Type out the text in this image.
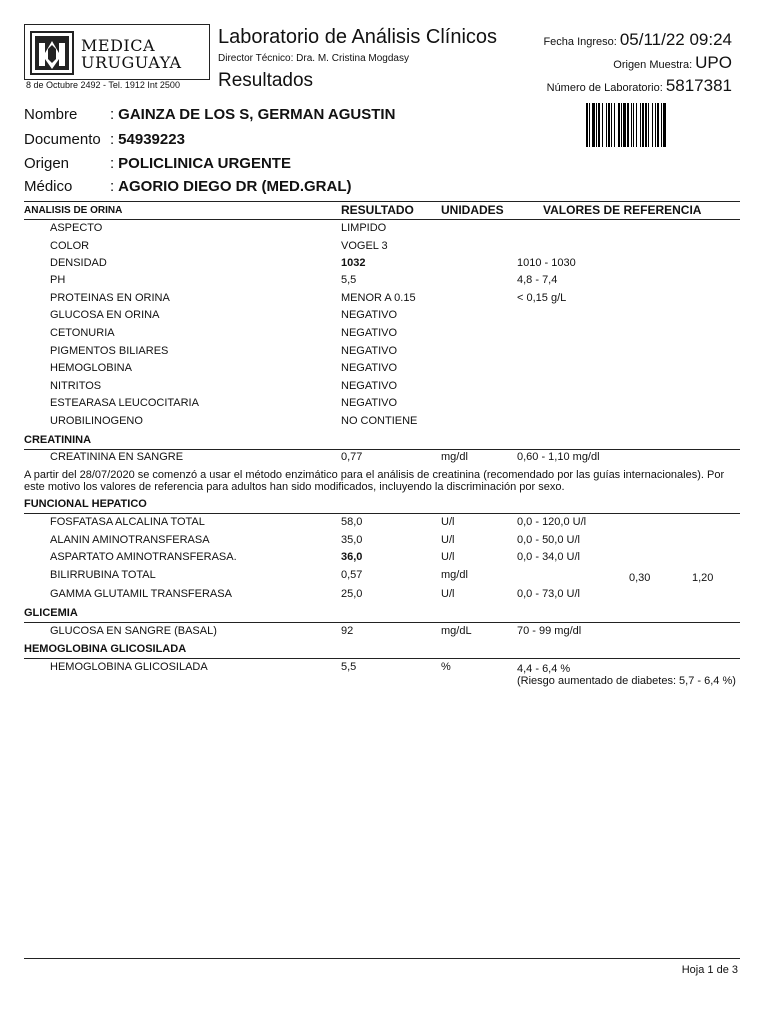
MEDICA
URUGUAYA
8 de Octubre 2492 - Tel. 1912 Int 2500
Laboratorio de Análisis Clínicos
Director Técnico: Dra. M. Cristina Mogdasy
Resultados
Fecha Ingreso: 05/11/22 09:24
Origen Muestra: UPO
Número de Laboratorio: 5817381
Nombre : GAINZA DE LOS S, GERMAN AGUSTIN
Documento : 54939223
Origen	: POLICLINICA URGENTE
Médico	: AGORIO DIEGO DR (MED.GRAL)
ANALISIS DE ORINA	RESULTADO UNIDADES	VALORES DE REFERENCIA
ASPECTO	LIMPIDO
COLOR	VOGEL 3
DENSIDAD	1032	1010 - 1030
PH	5,5	4,8 - 7,4
PROTEINAS EN ORINA	MENOR A 0.15	< 0,15 g/L
GLUCOSA EN ORINA	NEGATIVO
CETONURIA	NEGATIVO
PIGMENTOS BILIARES	NEGATIVO
HEMOGLOBINA	NEGATIVO
NITRITOS	NEGATIVO
ESTEARASA LEUCOCITARIA	NEGATIVO
UROBILINOGENO	NO CONTIENE
CREATININA
CREATININA EN SANGRE	0,77	mg/dl	0,60 - 1,10 mg/dl
A partir del 28/07/2020 se comenzó a usar el método enzimático para el análisis de creatinina (recomendado por las guías internacionales). Por este motivo los valores de referencia para adultos han sido modificados, incluyendo la discriminación por sexo.
FUNCIONAL HEPATICO
FOSFATASA ALCALINA TOTAL	58,0	U/l	0,0 - 120,0 U/l
ALANIN AMINOTRANSFERASA	35,0	U/l	0,0 - 50,0 U/l
ASPARTATO AMINOTRANSFERASA.	36,0	U/l	0,0 - 34,0 U/l
BILIRRUBINA TOTAL	0,57	mg/dl	0,30	1,20
GAMMA GLUTAMIL TRANSFERASA	25,0	U/l	0,0 - 73,0 U/l
GLICEMIA
GLUCOSA EN SANGRE (BASAL)	92	mg/dL	70 - 99 mg/dl
HEMOGLOBINA GLICOSILADA
HEMOGLOBINA GLICOSILADA	5,5	%	4,4 - 6,4 %
(Riesgo aumentado de diabetes: 5,7 - 6,4 %)
Hoja 1 de 3
